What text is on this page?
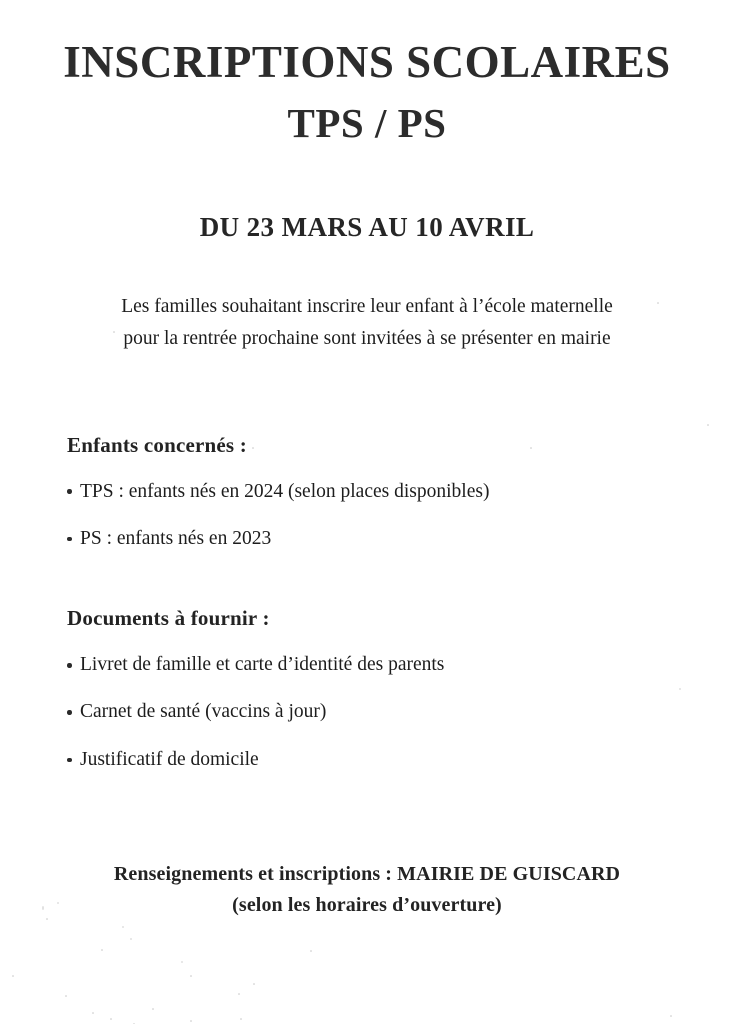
INSCRIPTIONS SCOLAIRES
TPS / PS
DU 23 MARS AU 10 AVRIL
Les familles souhaitant inscrire leur enfant à l’école maternelle
pour la rentrée prochaine sont invitées à se présenter en mairie
Enfants concernés :
TPS : enfants nés en 2024 (selon places disponibles)
PS : enfants nés en 2023
Documents à fournir :
Livret de famille et carte d’identité des parents
Carnet de santé (vaccins à jour)
Justificatif de domicile
Renseignements et inscriptions : MAIRIE DE GUISCARD
(selon les horaires d’ouverture)
